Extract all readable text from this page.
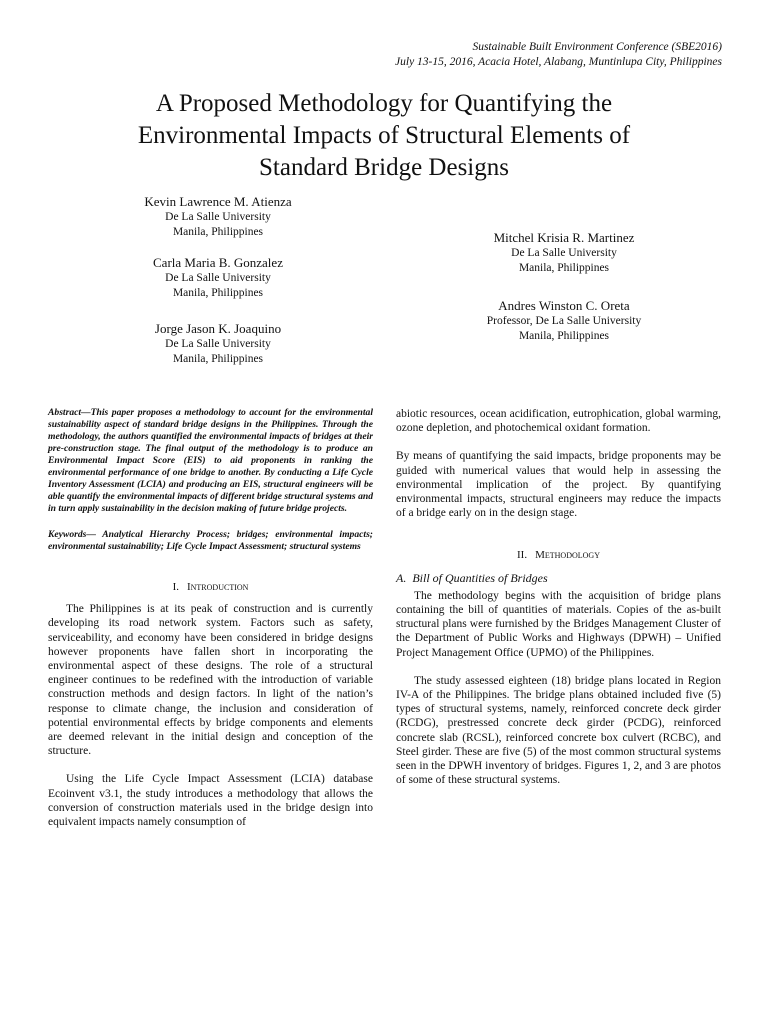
Sustainable Built Environment Conference (SBE2016)
July 13-15, 2016, Acacia Hotel, Alabang, Muntinlupa City, Philippines
A Proposed Methodology for Quantifying the
Environmental Impacts of Structural Elements of
Standard Bridge Designs
Kevin Lawrence M. Atienza
De La Salle University
Manila, Philippines
Carla Maria B. Gonzalez
De La Salle University
Manila, Philippines
Jorge Jason K. Joaquino
De La Salle University
Manila, Philippines
Mitchel Krisia R. Martinez
De La Salle University
Manila, Philippines
Andres Winston C. Oreta
Professor, De La Salle University
Manila, Philippines

Abstract—This paper proposes a methodology to account for the environmental sustainability aspect of standard bridge designs in the Philippines. Through the methodology, the authors quantified the environmental impacts of bridges at their pre-construction stage. The final output of the methodology is to produce an Environmental Impact Score (EIS) to aid proponents in ranking the environmental performance of one bridge to another. By conducting a Life Cycle Inventory Assessment (LCIA) and producing an EIS, structural engineers will be able quantify the environmental impacts of different bridge structural systems and in turn apply sustainability in the decision making of future bridge projects.

Keywords— Analytical Hierarchy Process; bridges; environmental impacts; environmental sustainability; Life Cycle Impact Assessment; structural systems

I. Introduction

The Philippines is at its peak of construction and is currently developing its road network system. Factors such as safety, serviceability, and economy have been considered in bridge designs however proponents have fallen short in incorporating the environmental aspect of these designs. The role of a structural engineer continues to be redefined with the introduction of variable construction methods and design factors. In light of the nation’s response to climate change, the inclusion and consideration of potential environmental effects by bridge components and elements are deemed relevant in the initial design and conception of the structure.

Using the Life Cycle Impact Assessment (LCIA) database Ecoinvent v3.1, the study introduces a methodology that allows the conversion of construction materials used in the bridge design into equivalent impacts namely consumption of

abiotic resources, ocean acidification, eutrophication, global warming, ozone depletion, and photochemical oxidant formation.

By means of quantifying the said impacts, bridge proponents may be guided with numerical values that would help in assessing the environmental implication of the project. By quantifying environmental impacts, structural engineers may reduce the impacts of a bridge early on in the design stage.

II. Methodology
A.  Bill of Quantities of Bridges

The methodology begins with the acquisition of bridge plans containing the bill of quantities of materials. Copies of the as-built structural plans were furnished by the Bridges Management Cluster of the Department of Public Works and Highways (DPWH) – Unified Project Management Office (UPMO) of the Philippines.

The study assessed eighteen (18) bridge plans located in Region IV-A of the Philippines. The bridge plans obtained included five (5) types of structural systems, namely, reinforced concrete deck girder (RCDG), prestressed concrete deck girder (PCDG), reinforced concrete slab (RCSL), reinforced concrete box culvert (RCBC), and Steel girder. These are five (5) of the most common structural systems seen in the DPWH inventory of bridges. Figures 1, 2, and 3 are photos of some of these structural systems.
